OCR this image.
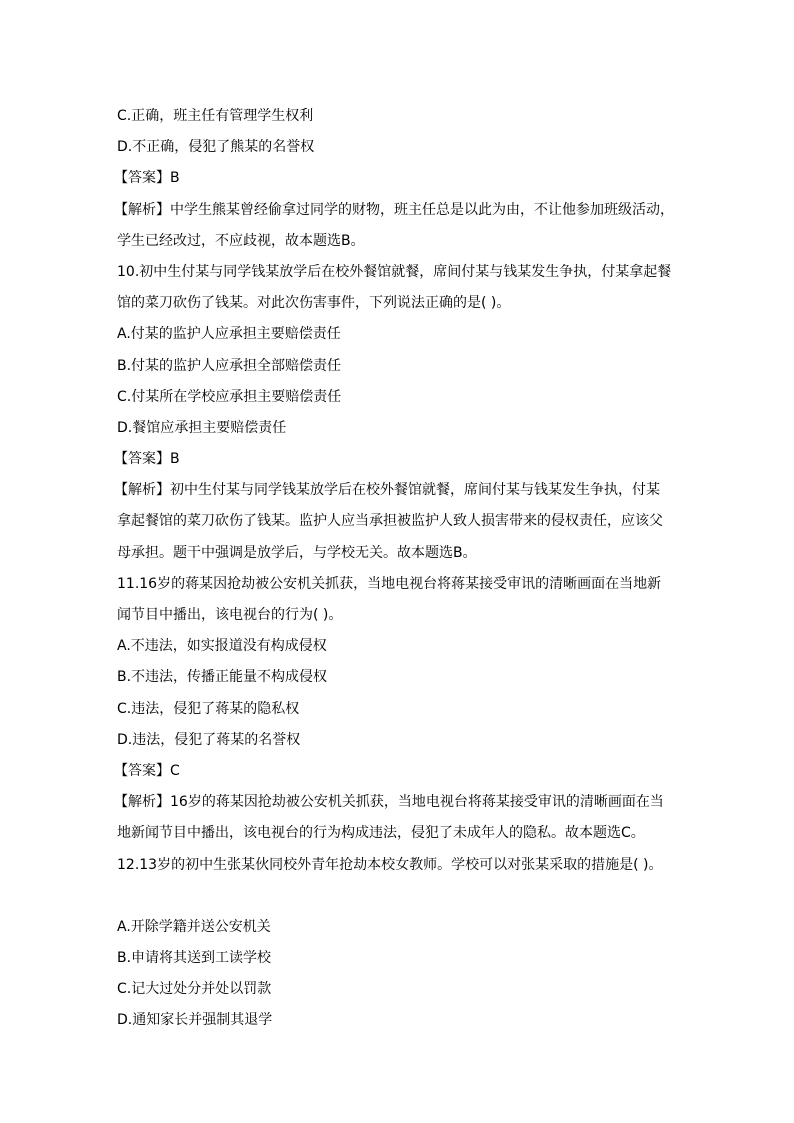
C.正确，班主任有管理学生权利
D.不正确，侵犯了熊某的名誉权
【答案】B
【解析】中学生熊某曾经偷拿过同学的财物，班主任总是以此为由，不让他参加班级活动，
学生已经改过，不应歧视，故本题选B。
10.初中生付某与同学钱某放学后在校外餐馆就餐，席间付某与钱某发生争执，付某拿起餐
馆的菜刀砍伤了钱某。对此次伤害事件，下列说法正确的是( )。
A.付某的监护人应承担主要赔偿责任
B.付某的监护人应承担全部赔偿责任
C.付某所在学校应承担主要赔偿责任
D.餐馆应承担主要赔偿责任
【答案】B
【解析】初中生付某与同学钱某放学后在校外餐馆就餐，席间付某与钱某发生争执，付某
拿起餐馆的菜刀砍伤了钱某。监护人应当承担被监护人致人损害带来的侵权责任，应该父
母承担。题干中强调是放学后，与学校无关。故本题选B。
11.16岁的蒋某因抢劫被公安机关抓获，当地电视台将蒋某接受审讯的清晰画面在当地新
闻节目中播出，该电视台的行为( )。
A.不违法，如实报道没有构成侵权
B.不违法，传播正能量不构成侵权
C.违法，侵犯了蒋某的隐私权
D.违法，侵犯了蒋某的名誉权
【答案】C
【解析】16岁的蒋某因抢劫被公安机关抓获，当地电视台将蒋某接受审讯的清晰画面在当
地新闻节目中播出，该电视台的行为构成违法，侵犯了未成年人的隐私。故本题选C。
12.13岁的初中生张某伙同校外青年抢劫本校女教师。学校可以对张某采取的措施是( )。
A.开除学籍并送公安机关
B.申请将其送到工读学校
C.记大过处分并处以罚款
D.通知家长并强制其退学
